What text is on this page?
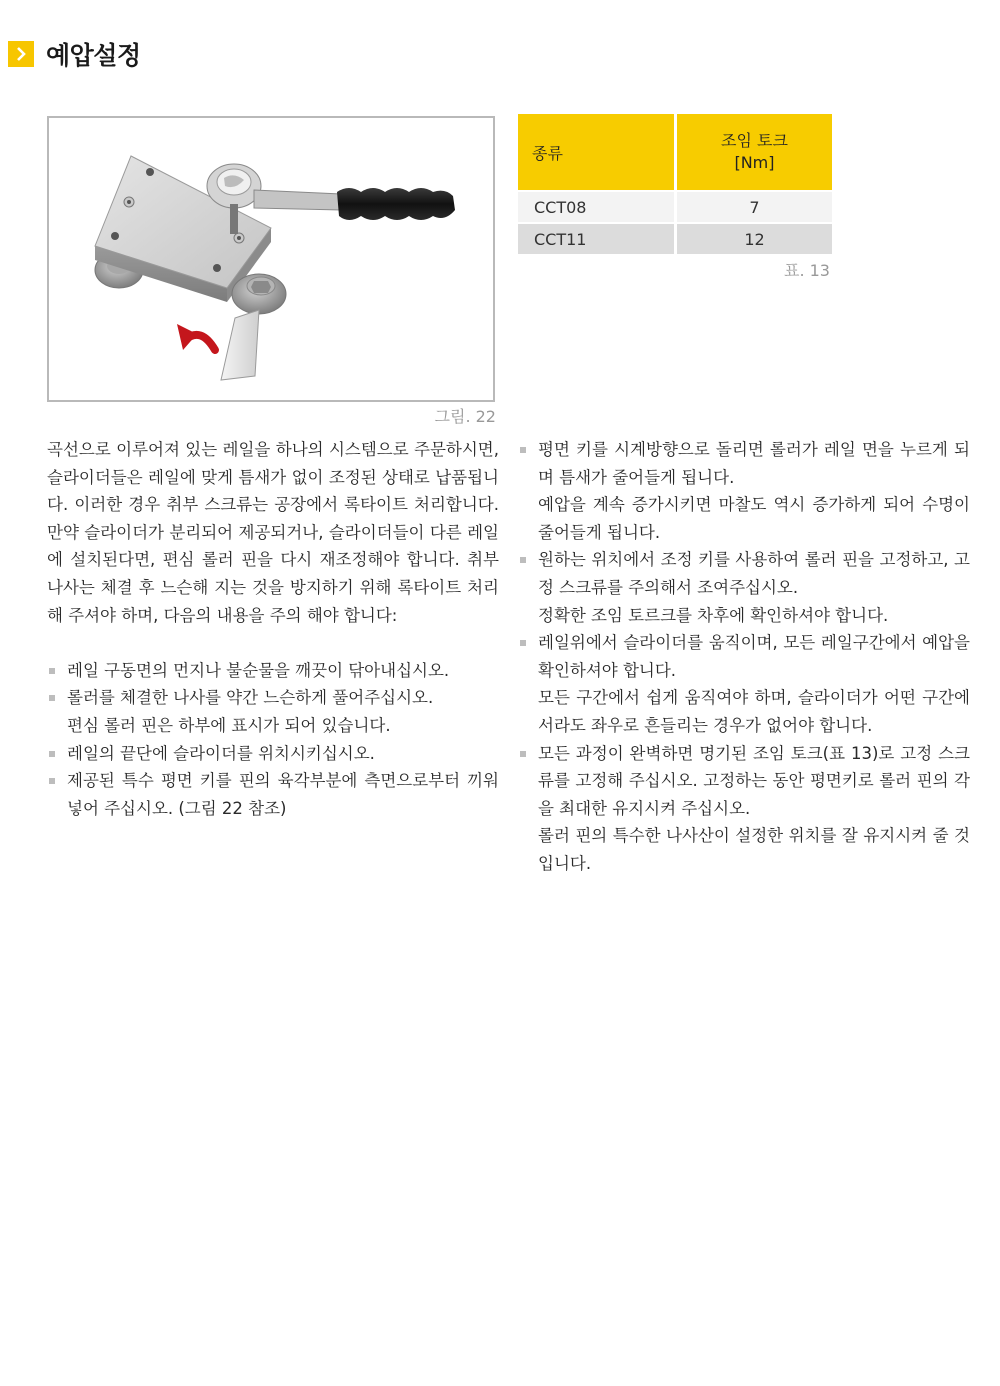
예압설정
그림. 22
종류	조임 토크
[Nm]

CCT08	7
CCT11	12
표. 13

곡선으로 이루어져 있는 레일을 하나의 시스템으로 주문하시면, 슬라이더들은 레일에 맞게 틈새가 없이 조정된 상태로 납품됩니다. 이러한 경우 취부 스크류는 공장에서 록타이트 처리합니다. 만약 슬라이더가 분리되어 제공되거나, 슬라이더들이 다른 레일에 설치된다면, 편심 롤러 핀을 다시 재조정해야 합니다. 취부 나사는 체결 후 느슨해 지는 것을 방지하기 위해 록타이트 처리해 주셔야 하며, 다음의 내용을 주의 해야 합니다:

레일 구동면의 먼지나 불순물을 깨끗이 닦아내십시오.
롤러를 체결한 나사를 약간 느슨하게 풀어주십시오.
편심 롤러 핀은 하부에 표시가 되어 있습니다.
레일의 끝단에 슬라이더를 위치시키십시오.
제공된 특수 평면 키를 핀의 육각부분에 측면으로부터 끼워 넣어 주십시오. (그림 22 참조)
평면 키를 시계방향으로 돌리면 롤러가 레일 면을 누르게 되며 틈새가 줄어들게 됩니다.
예압을 계속 증가시키면 마찰도 역시 증가하게 되어 수명이 줄어들게 됩니다.
원하는 위치에서 조정 키를 사용하여 롤러 핀을 고정하고, 고정 스크류를 주의해서 조여주십시오.
정확한 조임 토르크를 차후에 확인하셔야 합니다.
레일위에서 슬라이더를 움직이며, 모든 레일구간에서 예압을 확인하셔야 합니다.
모든 구간에서 쉽게 움직여야 하며, 슬라이더가 어떤 구간에 서라도 좌우로 흔들리는 경우가 없어야 합니다.
모든 과정이 완벽하면 명기된 조임 토크(표 13)로 고정 스크류를 고정해 주십시오. 고정하는 동안 평면키로 롤러 핀의 각을 최대한 유지시켜 주십시오.
롤러 핀의 특수한 나사산이 설정한 위치를 잘 유지시켜 줄 것입니다.
